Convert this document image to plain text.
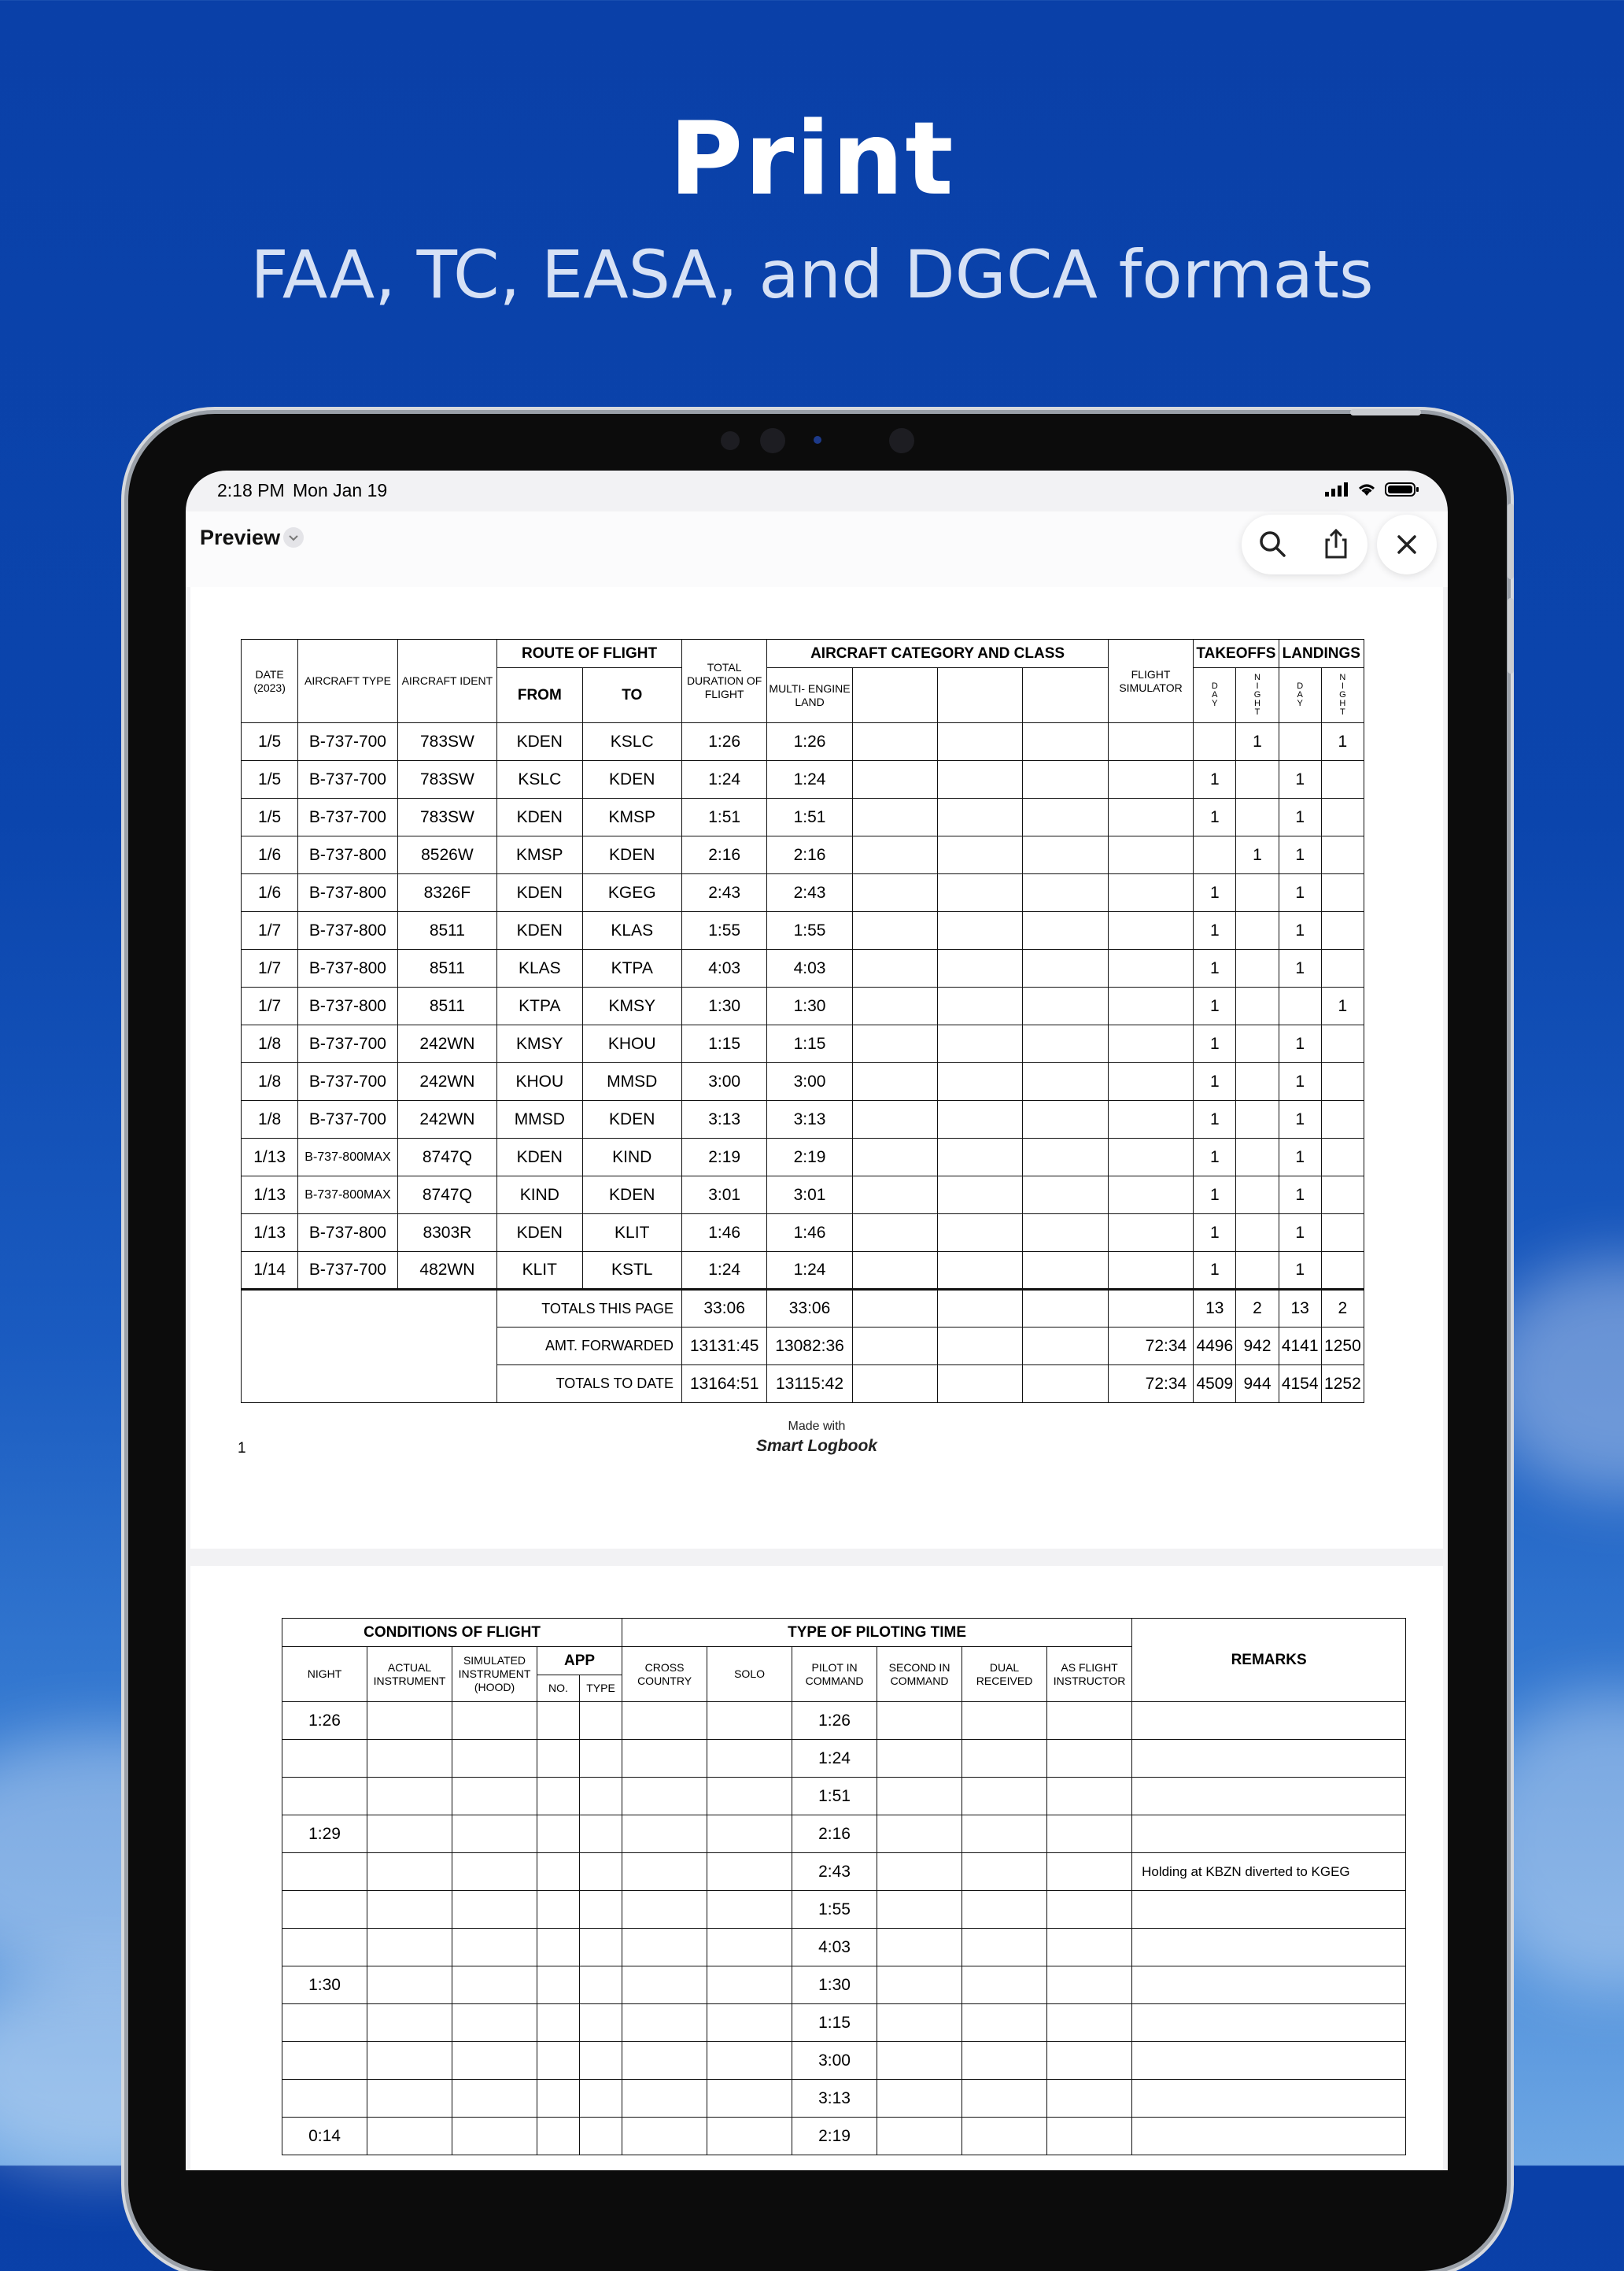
Print
FAA, TC, EASA, and DGCA formats
2:18 PM Mon Jan 19
Preview
DATE
(2023)	AIRCRAFT TYPE	AIRCRAFT IDENT	ROUTE OF FLIGHT		TOTAL DURATION OF FLIGHT	AIRCRAFT CATEGORY AND CLASS				FLIGHT SIMULATOR	TAKEOFFS		LANDINGS	
			FROM	TO		MULTI- ENGINE LAND					DAY	NIGHT	DAY	NIGHT

1/5	B-737-700	783SW	KDEN	KSLC	1:26	1:26						1		1
1/5	B-737-700	783SW	KSLC	KDEN	1:24	1:24					1		1	
1/5	B-737-700	783SW	KDEN	KMSP	1:51	1:51					1		1	
1/6	B-737-800	8526W	KMSP	KDEN	2:16	2:16						1	1	
1/6	B-737-800	8326F	KDEN	KGEG	2:43	2:43					1		1	
1/7	B-737-800	8511	KDEN	KLAS	1:55	1:55					1		1	
1/7	B-737-800	8511	KLAS	KTPA	4:03	4:03					1		1	
1/7	B-737-800	8511	KTPA	KMSY	1:30	1:30					1			1
1/8	B-737-700	242WN	KMSY	KHOU	1:15	1:15					1		1	
1/8	B-737-700	242WN	KHOU	MMSD	3:00	3:00					1		1	
1/8	B-737-700	242WN	MMSD	KDEN	3:13	3:13					1		1	
1/13	B-737-800MAX	8747Q	KDEN	KIND	2:19	2:19					1		1	
1/13	B-737-800MAX	8747Q	KIND	KDEN	3:01	3:01					1		1	
1/13	B-737-800	8303R	KDEN	KLIT	1:46	1:46					1		1	
1/14	B-737-700	482WN	KLIT	KSTL	1:24	1:24					1		1	
			TOTALS THIS PAGE		33:06	33:06					13	2	13	2
			AMT. FORWARDED		13131:45	13082:36				72:34	4496	942	4141	1250
			TOTALS TO DATE		13164:51	13115:42				72:34	4509	944	4154	1252
Made with
Smart Logbook
1
CONDITIONS OF FLIGHT					TYPE OF PILOTING TIME						REMARKS
NIGHT	ACTUAL INSTRUMENT	SIMULATED INSTRUMENT (HOOD)	APP		CROSS COUNTRY	SOLO	PILOT IN COMMAND	SECOND IN COMMAND	DUAL RECEIVED	AS FLIGHT INSTRUCTOR	
			NO.	TYPE							
1:26							1:26				
							1:24				
							1:51				
1:29							2:16				
							2:43				Holding at KBZN diverted to KGEG
							1:55				
							4:03				
1:30							1:30				
							1:15				
							3:00				
							3:13				
0:14							2:19				
